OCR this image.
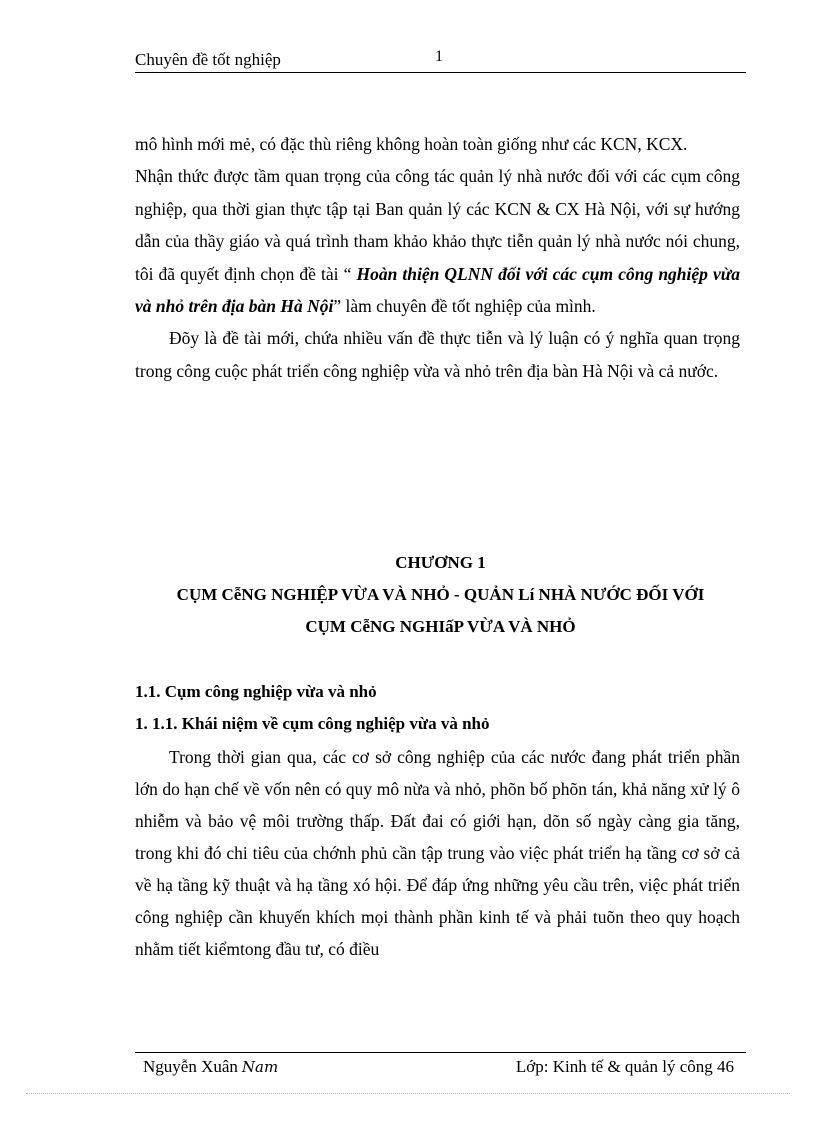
Chuyên đề tốt nghiệp	1

mô hình mới mẻ, có đặc thù riêng không hoàn toàn giống như các KCN, KCX.

Nhận thức được tầm quan trọng của công tác quản lý nhà nước đối với các cụm công nghiệp, qua thời gian thực tập tại Ban quản lý các KCN & CX Hà Nội, với sự hướng dẫn của thầy giáo và quá trình tham khảo khảo thực tiễn quản lý nhà nước nói chung, tôi đã quyết định chọn đề tài “ Hoàn thiện QLNN đối với các cụm công nghiệp vừa và nhỏ trên địa bàn Hà Nội” làm chuyên đề tốt nghiệp của mình.

Đõy là đề tài mới, chứa nhiều vấn đề thực tiễn và lý luận có ý nghĩa quan trọng trong công cuộc phát triển công nghiệp vừa và nhỏ trên địa bàn Hà Nội và cả nước.

CHƯƠNG 1
CỤM CễNG NGHIỆP VỪA VÀ NHỎ - QUẢN Lí NHÀ NƯỚC ĐỐI VỚI
CỤM CễNG NGHIấP VỪA VÀ NHỎ
1.1. Cụm công nghiệp vừa và nhỏ
1. 1.1. Khái niệm về cụm công nghiệp vừa và nhỏ

Trong thời gian qua, các cơ sở công nghiệp của các nước đang phát triển phần lớn do hạn chế về vốn nên có quy mô nừa và nhỏ, phõn bố phõn tán, khả năng xử lý ô nhiễm và bảo vệ môi trường thấp. Đất đai có giới hạn, dõn số ngày càng gia tăng, trong khi đó chi tiêu của chớnh phủ cần tập trung vào việc phát triển hạ tầng cơ sở cả về hạ tầng kỹ thuật và hạ tầng xó hội. Để đáp ứng những yêu cầu trên, việc phát triển công nghiệp cần khuyến khích mọi thành phần kinh tế và phải tuõn theo quy hoạch nhằm tiết kiểmtong đầu tư, có điều

Nguyễn Xuân Nam	Lớp: Kinh tế & quản lý công 46
